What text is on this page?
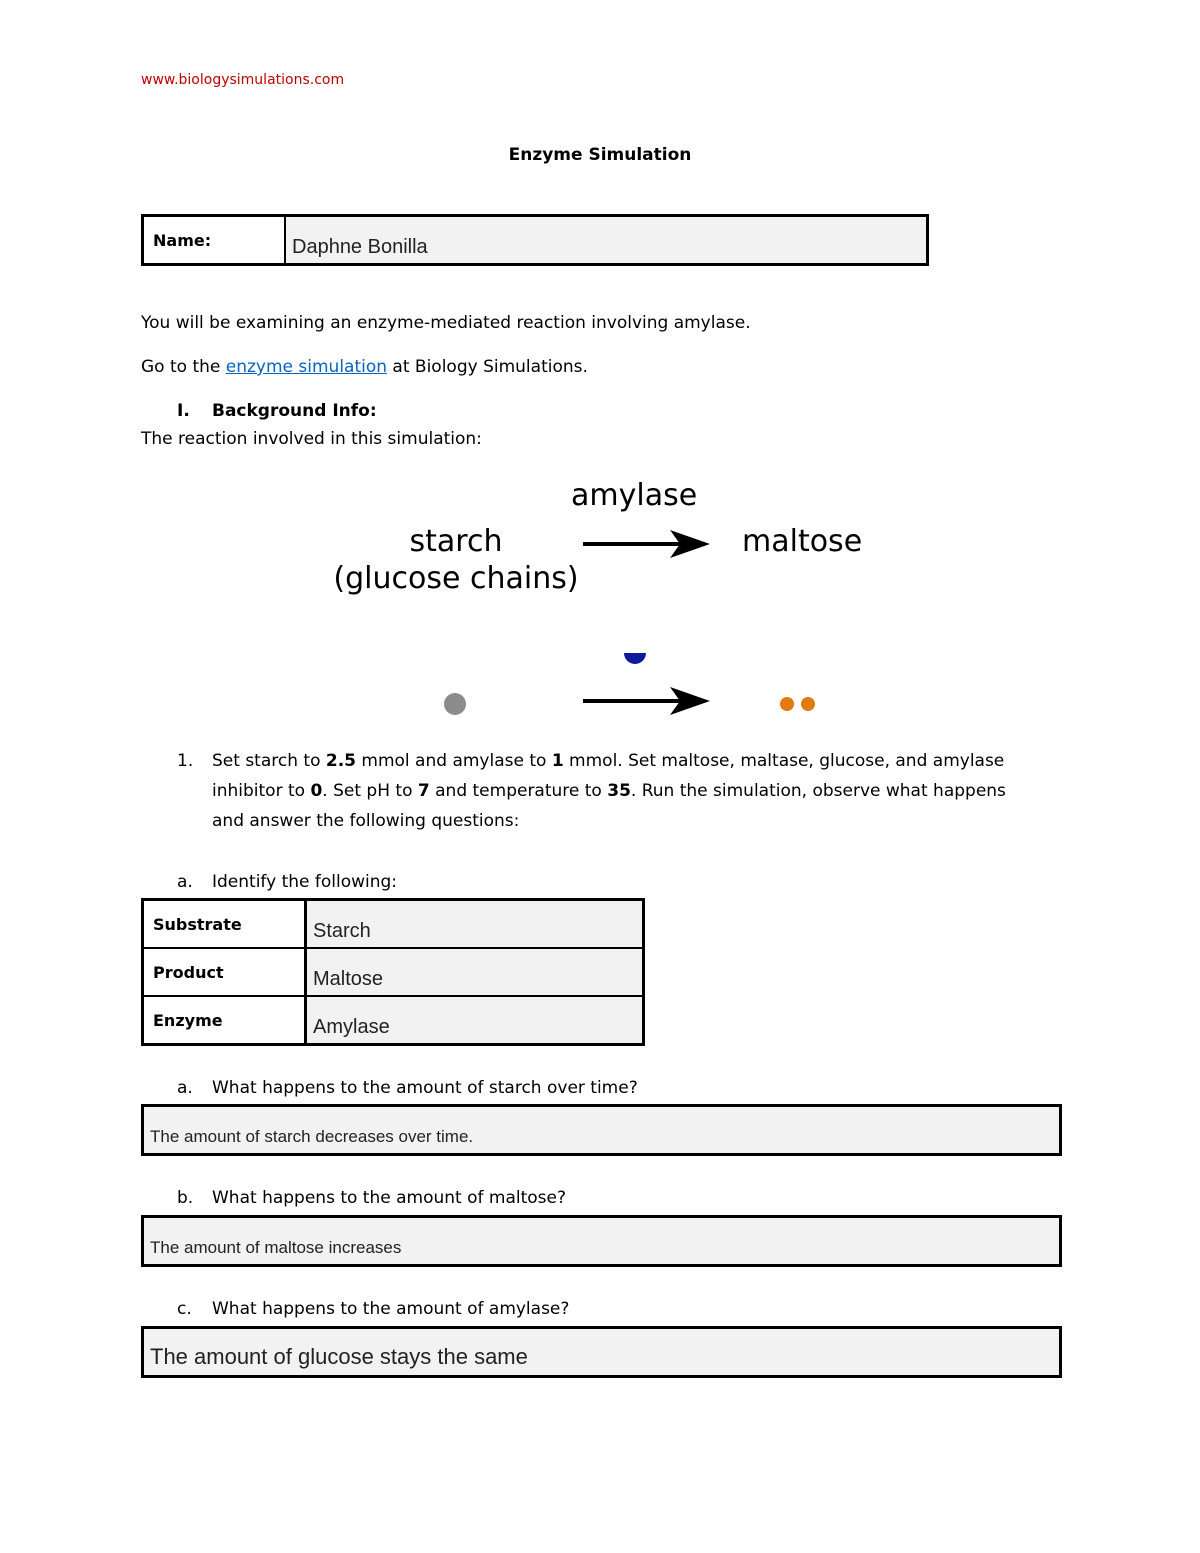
www.biologysimulations.com
Enzyme Simulation
Name:	Daphne Bonilla
You will be examining an enzyme-mediated reaction involving amylase.
Go to the enzyme simulation at Biology Simulations.
I. Background Info:
The reaction involved in this simulation:
amylase
starch
(glucose chains)
maltose
1. Set starch to 2.5 mmol and amylase to 1 mmol. Set maltose, maltase, glucose, and amylase
inhibitor to 0. Set pH to 7 and temperature to 35. Run the simulation, observe what happens
and answer the following questions:
a. Identify the following:
Substrate	Starch
Product	Maltose
Enzyme	Amylase
a. What happens to the amount of starch over time?
The amount of starch decreases over time.
b. What happens to the amount of maltose?
The amount of maltose increases
c. What happens to the amount of amylase?
The amount of glucose stays the same
